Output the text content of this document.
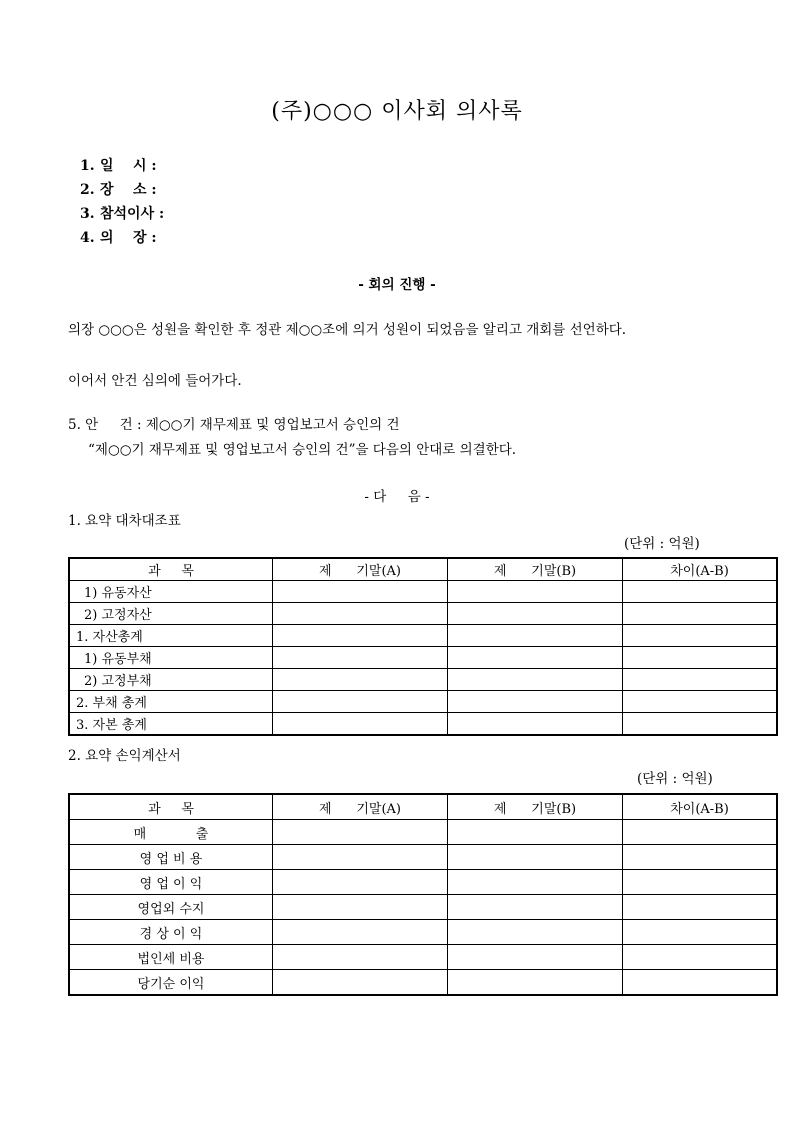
(주)○○○ 이사회 의사록
1. 일    시 :
2. 장    소 :
3. 참석이사 :
4. 의    장 :
- 회의 진행 -
의장 ○○○은 성원을 확인한 후 정관 제○○조에 의거 성원이 되었음을 알리고 개회를 선언하다.
이어서 안건 심의에 들어가다.
5. 안     건 : 제○○기 재무제표 및 영업보고서 승인의 건
“제○○기 재무제표 및 영업보고서 승인의 건”을 다음의 안대로 의결한다.
- 다     음 -
1. 요약 대차대조표
(단위 : 억원)
과     목	제      기말(A)	제      기말(B)	차이(A-B)
1) 유동자산			
2) 고정자산			
1. 자산총계			
1) 유동부채			
2) 고정부채			
2. 부채 총계			
3. 자본 총계			
2. 요약 손익계산서
(단위 : 억원)
과     목	제      기말(A)	제      기말(B)	차이(A-B)
매            출			
영 업 비 용			
영 업 이 익			
영업외 수지			
경 상 이 익			
법인세 비용			
당기순 이익			
